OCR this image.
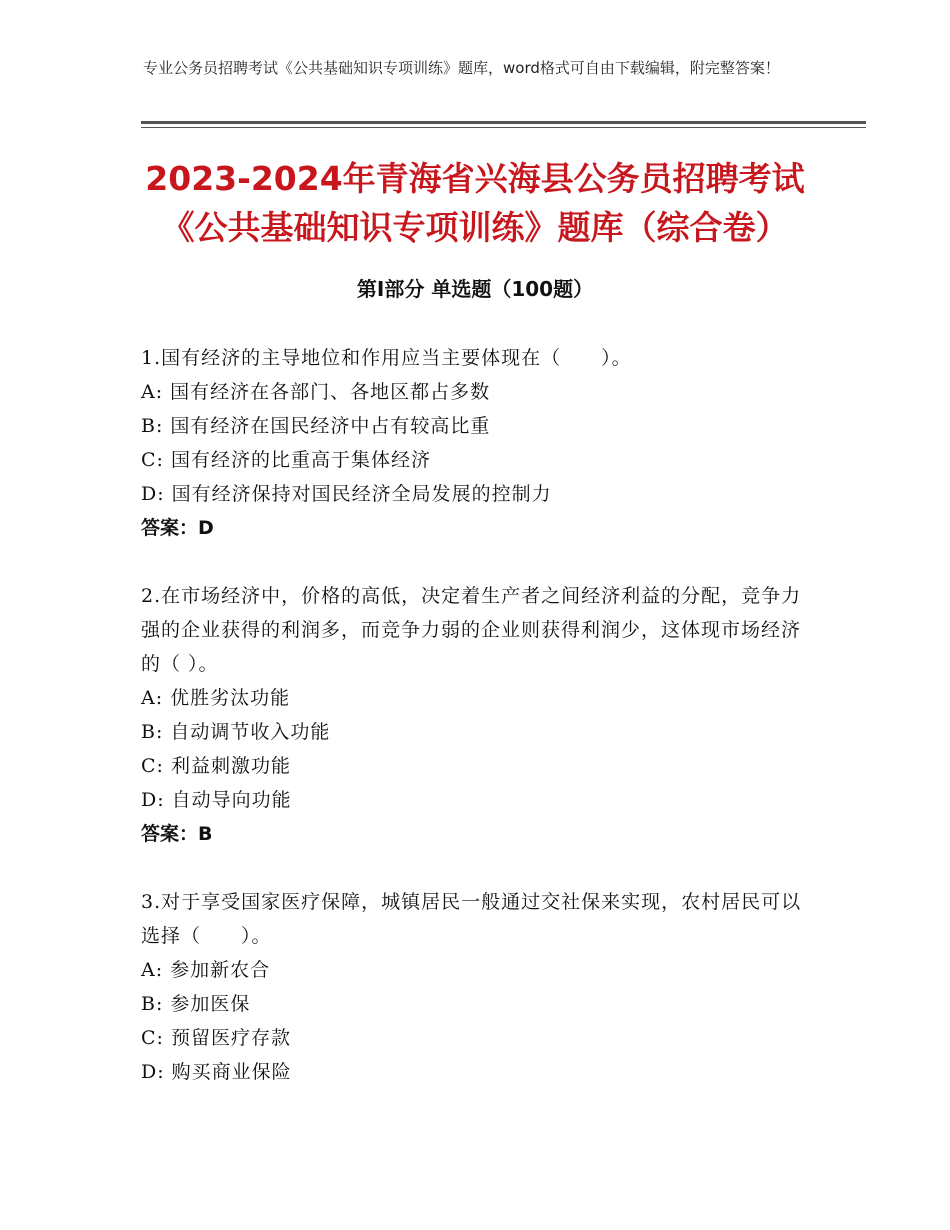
专业公务员招聘考试《公共基础知识专项训练》题库，word格式可自由下载编辑，附完整答案！
2023-2024年青海省兴海县公务员招聘考试
《公共基础知识专项训练》题库（综合卷）
第Ⅰ部分 单选题（100题）
1.国有经济的主导地位和作用应当主要体现在（　　）。
A: 国有经济在各部门、各地区都占多数
B: 国有经济在国民经济中占有较高比重
C: 国有经济的比重高于集体经济
D: 国有经济保持对国民经济全局发展的控制力
答案：D
2.在市场经济中，价格的高低，决定着生产者之间经济利益的分配，竞争力强的企业获得的利润多，而竞争力弱的企业则获得利润少，这体现市场经济的（ ）。
A: 优胜劣汰功能
B: 自动调节收入功能
C: 利益刺激功能
D: 自动导向功能
答案：B
3.对于享受国家医疗保障，城镇居民一般通过交社保来实现，农村居民可以选择（　　）。
A: 参加新农合
B: 参加医保
C: 预留医疗存款
D: 购买商业保险
